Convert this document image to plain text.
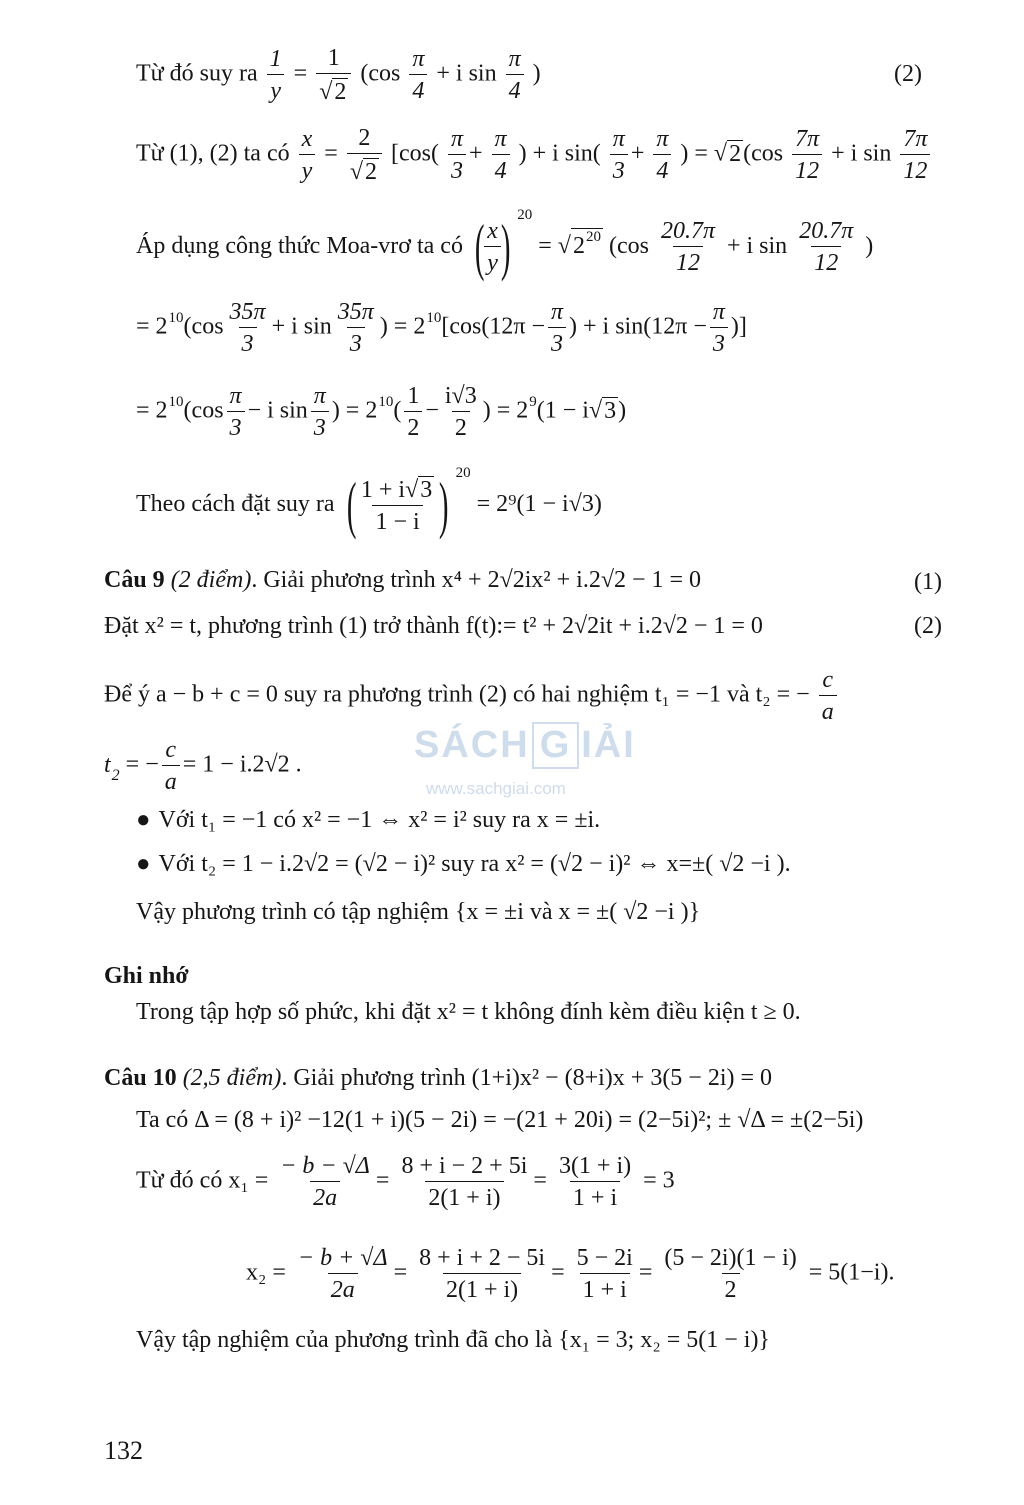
Từ đó suy ra $\frac{1}{y} = \frac{1}{√2} (\cos \frac{\pi}{4} + i$ $\sin \frac{\pi}{4}$ )	(2)
Từ (1), (2) ta có $\frac{x}{y} = \frac{2}{√2} [\cos( \frac{\pi}{3} + \frac{\pi}{4}$ ) + i $\sin( \frac{\pi}{3} + \frac{\pi}{4}$ ) = $√2(\cos \frac{7\pi}{12} + i$ $\sin \frac{7\pi}{12}$
Áp dụng công thức Moa-vrơ ta có ( $\frac{x}{y}$ ) $^{20} = √2^{20}$ ($\cos \frac{20.7\pi}{12} + i$ $\sin \frac{20.7\pi}{12}$ )
= $2^{10}(\cos \frac{35\pi}{3} + i$ $\sin \frac{35\pi}{3}$ ) = $2^{10}[\cos(12\pi - \frac{\pi}{3}$ ) + i $\sin(12\pi - \frac{\pi}{3}$ )]
= $2^{10}(\cos \frac{\pi}{3} - i$ $\sin \frac{\pi}{3}$ ) = $2^{10}( \frac{1}{2} - \frac{i√3}{2}$ ) = $2^9(1 - i√3)$
Theo cách đặt suy ra ( $\frac{1 + i√3}{1 - i}$ ) $^{20}$ = 2⁹(1 − i√3)
Câu 9 (2 điểm). Giải phương trình x⁴ + 2√2ix² + i.2√2 − 1 = 0	(1)
Đặt x² = t, phương trình (1) trở thành f(t):= t² + 2√2it + i.2√2 − 1 = 0	(2)
Để ý a − b + c = 0 suy ra phương trình (2) có hai nghiệm t₁ = −1 và t₂ = − $\frac{c}{a}$
$t_2$ = − $\frac{c}{a} = 1 - i.2√2$ .
● Với t₁ = −1 có x² = −1 ⇔ x² = i² suy ra x = ±i.
● Với t₂ = 1 − i.2√2 = (√2 − i)² suy ra x² = (√2 − i)² ⇔ x=±( √2 −i ).
Vậy phương trình có tập nghiệm {x = ±i và x = ±( √2 −i )}
Ghi nhớ
Trong tập hợp số phức, khi đặt x² = t không đính kèm điều kiện t ≥ 0.
Câu 10 (2,5 điểm). Giải phương trình (1+i)x² − (8+i)x + 3(5 − 2i) = 0
Ta có Δ = (8 + i)² −12(1 + i)(5 − 2i) = −(21 + 20i) = (2−5i)²; ± √Δ = ±(2−5i)
Từ đó có $x_1 = \frac{- b - √\Delta}{2a} = \frac{8 + i - 2 + 5i}{2(1 + i)} = \frac{3(1 + i)}{1 + i} = 3$
$x_2 = \frac{- b + √\Delta}{2a} = \frac{8 + i + 2 - 5i}{2(1 + i)} = \frac{5 - 2i}{1 + i} = \frac{(5 - 2i)(1 - i)}{2} = 5(1-i)$.
Vậy tập nghiệm của phương trình đã cho là {x₁ = 3; x₂ = 5(1 − i)}
SÁCH G IẢI
www.sachgiai.com
132
